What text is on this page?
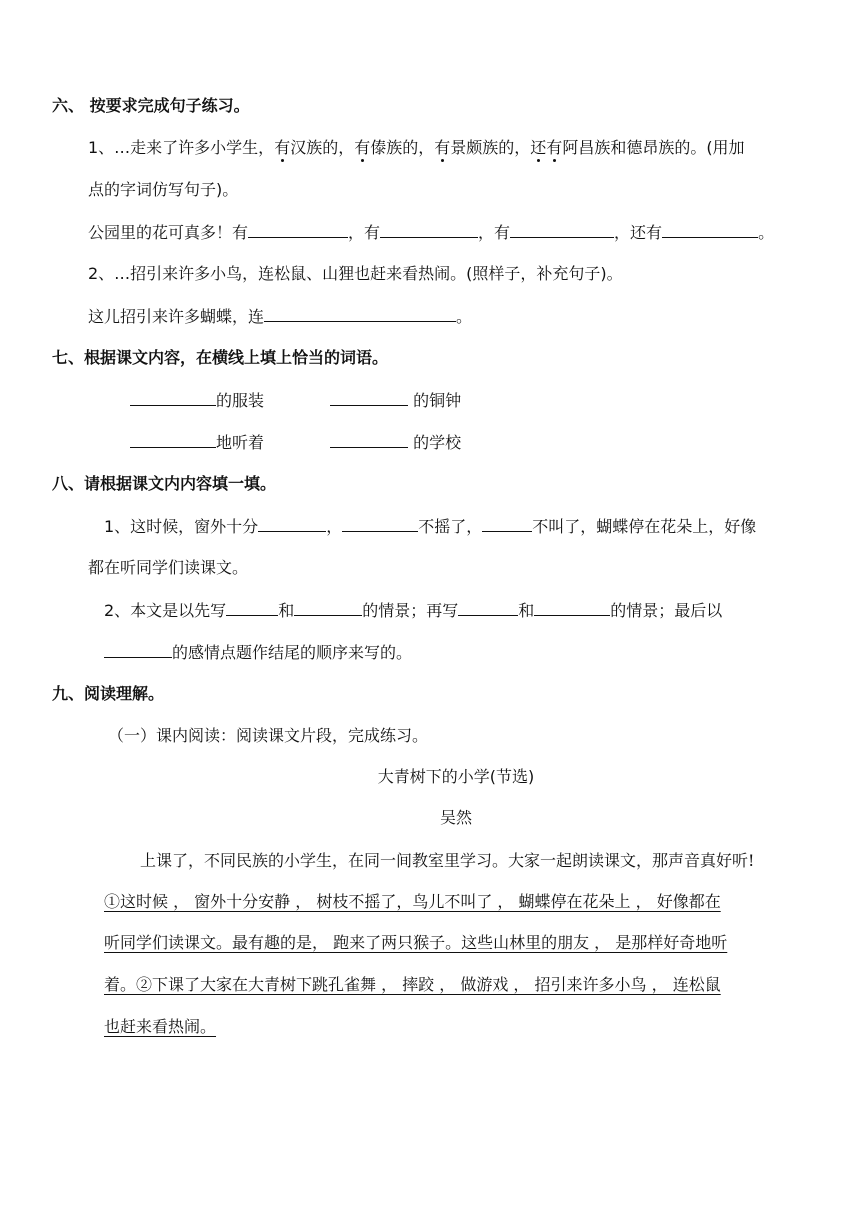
六、 按要求完成句子练习。
1、…走来了许多小学生，有汉族的，有傣族的，有景颇族的，还有阿昌族和德昂族的。(用加
点的字词仿写句子)。
公园里的花可真多！有	，有	，有	，还有	。
2、…招引来许多小鸟，连松鼠、山狸也赶来看热闹。(照样子，补充句子)。
这儿招引来许多蝴蝶，连	。
七、根据课文内容，在横线上填上恰当的词语。
的服装	的铜钟
地听着	的学校
八、请根据课文内内容填一填。
1、这时候，窗外十分	，	不摇了，	不叫了，蝴蝶停在花朵上，好像
都在听同学们读课文。
2、本文是以先写	和	的情景；再写	和	的情景；最后以
的感情点题作结尾的顺序来写的。
九、阅读理解。
（一）课内阅读：阅读课文片段，完成练习。
大青树下的小学(节选)
吴然
上课了，不同民族的小学生，在同一间教室里学习。大家一起朗读课文，那声音真好听!
①这时候 ， 窗外十分安静 ， 树枝不摇了，鸟儿不叫了 ， 蝴蝶停在花朵上 ， 好像都在
听同学们读课文。最有趣的是， 跑来了两只猴子。这些山林里的朋友 ， 是那样好奇地听
着。②下课了大家在大青树下跳孔雀舞 ， 摔跤 ， 做游戏 ， 招引来许多小鸟 ， 连松鼠
也赶来看热闹。
